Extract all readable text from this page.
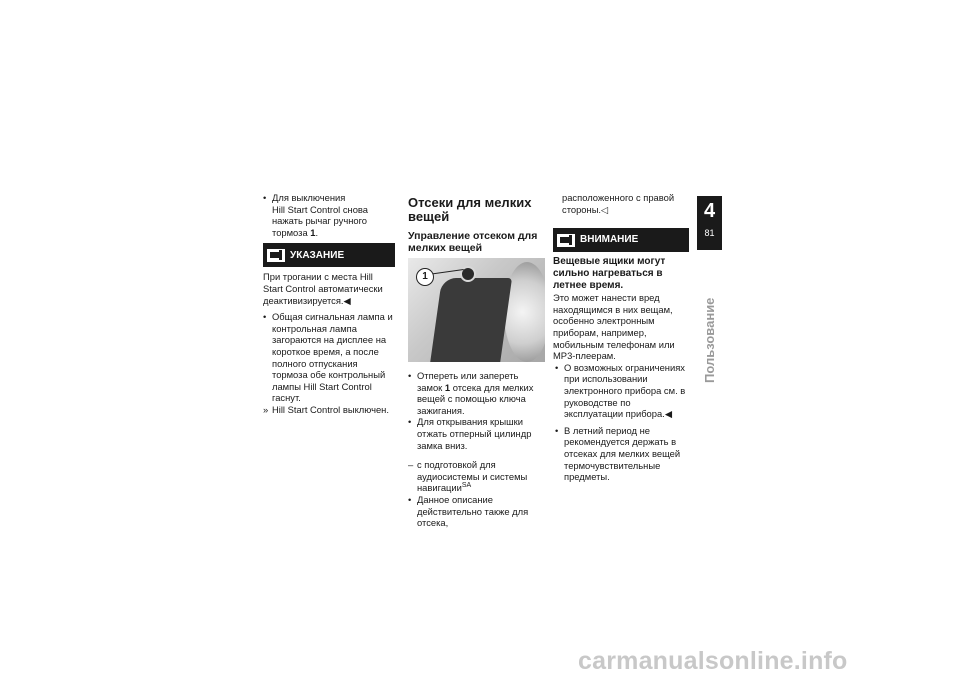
• Для выключения
Hill Start Control снова нажать рычаг ручного тормоза 1.
УКАЗАНИЕ
При трогании с места Hill Start Control автоматически деактивизируется.◀
• Общая сигнальная лампа и контрольная лампа загораются на дисплее на короткое время, а после полного отпускания тормоза обе контрольный лампы Hill Start Control гаснут.
» Hill Start Control выключен.
Отсеки для мелких вещей
Управление отсеком для мелких вещей
1
• Отпереть или запереть замок 1 отсека для мелких вещей с помощью ключа зажигания.
• Для открывания крышки отжать отперный цилиндр замка вниз.
– с подготовкой для аудиосистемы и системы навигации$^{SA}$
• Данное описание действительно также для отсека,
расположенного с правой стороны.◁
ВНИМАНИЕ
Вещевые ящики могут сильно нагреваться в летнее время.
Это может нанести вред находящимся в них вещам, особенно электронным приборам, например, мобильным телефонам или MP3-плеерам.
• О возможных ограничениях при использовании электронного прибора см. в руководстве по эксплуатации прибора.◀
• В летний период не рекомендуется держать в отсеках для мелких вещей термочувствительные предметы.
4
81
Пользование
carmanualsonline.info
